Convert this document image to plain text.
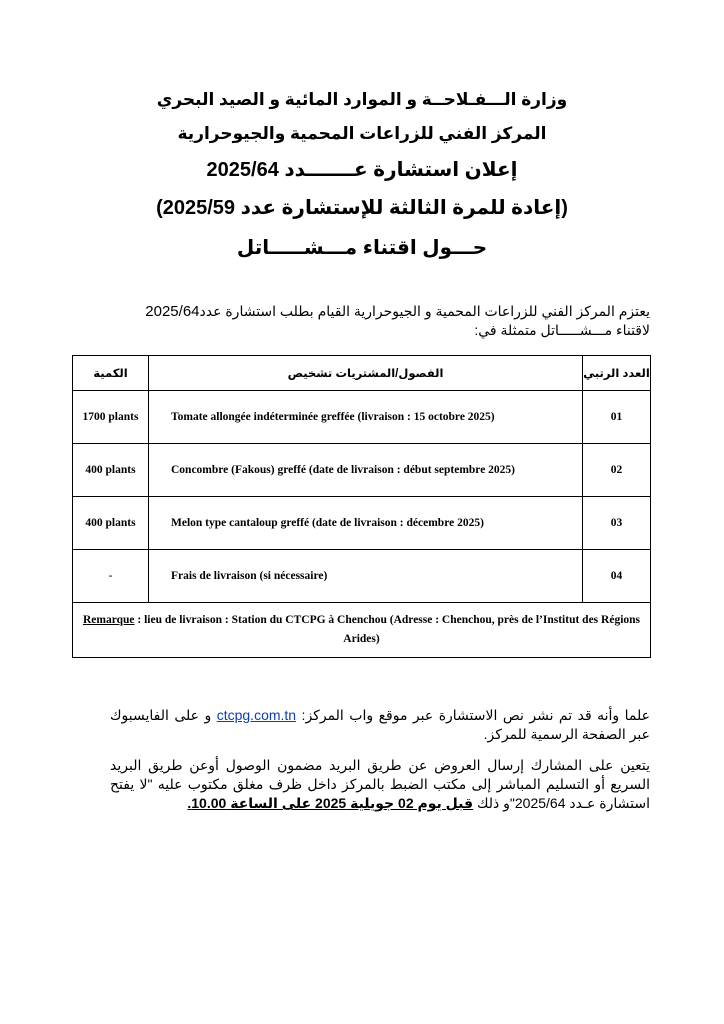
وزارة الـــفـلاحــة و الموارد المائية و الصيد البحري
المركز الفني للزراعات المحمية والجيوحرارية
إعلان استشارة عـــــــدد 2025/64
(إعادة للمرة الثالثة للإستشارة عدد 2025/59)
حـــول اقتناء مـــشـــــاتل
يعتزم المركز الفني للزراعات المحمية و الجيوحرارية القيام بطلب استشارة عدد2025/64
لاقتناء مـــشـــــاتل متمثلة في:
الكمية	الفصول/المشتريات تشخيص	العدد الرتبي
1700 plants	Tomate allongée indéterminée greffée (livraison : 15 octobre 2025)	01
400 plants	Concombre (Fakous) greffé (date de livraison : début septembre 2025)	02
400 plants	Melon type cantaloup greffé (date de livraison : décembre 2025)	03
-	Frais de livraison (si nécessaire)	04
Remarque : lieu de livraison : Station du CTCPG à Chenchou (Adresse : Chenchou, près de l’Institut des Régions Arides)		
علما وأنه قد تم نشر نص الاستشارة عبر موقع واب المركز: ctcpg.com.tn و على الفايسبوك عبر الصفحة الرسمية للمركز.
يتعين على المشارك إرسال العروض عن طريق البريد مضمون الوصول أوعن طريق البريد السريع أو التسليم المباشر إلى مكتب الضبط بالمركز داخل ظرف مغلق مكتوب عليه "لا يفتح استشارة عـدد 2025/64"و ذلك قبل يوم 02 جويلية 2025 على الساعة 10.00.
